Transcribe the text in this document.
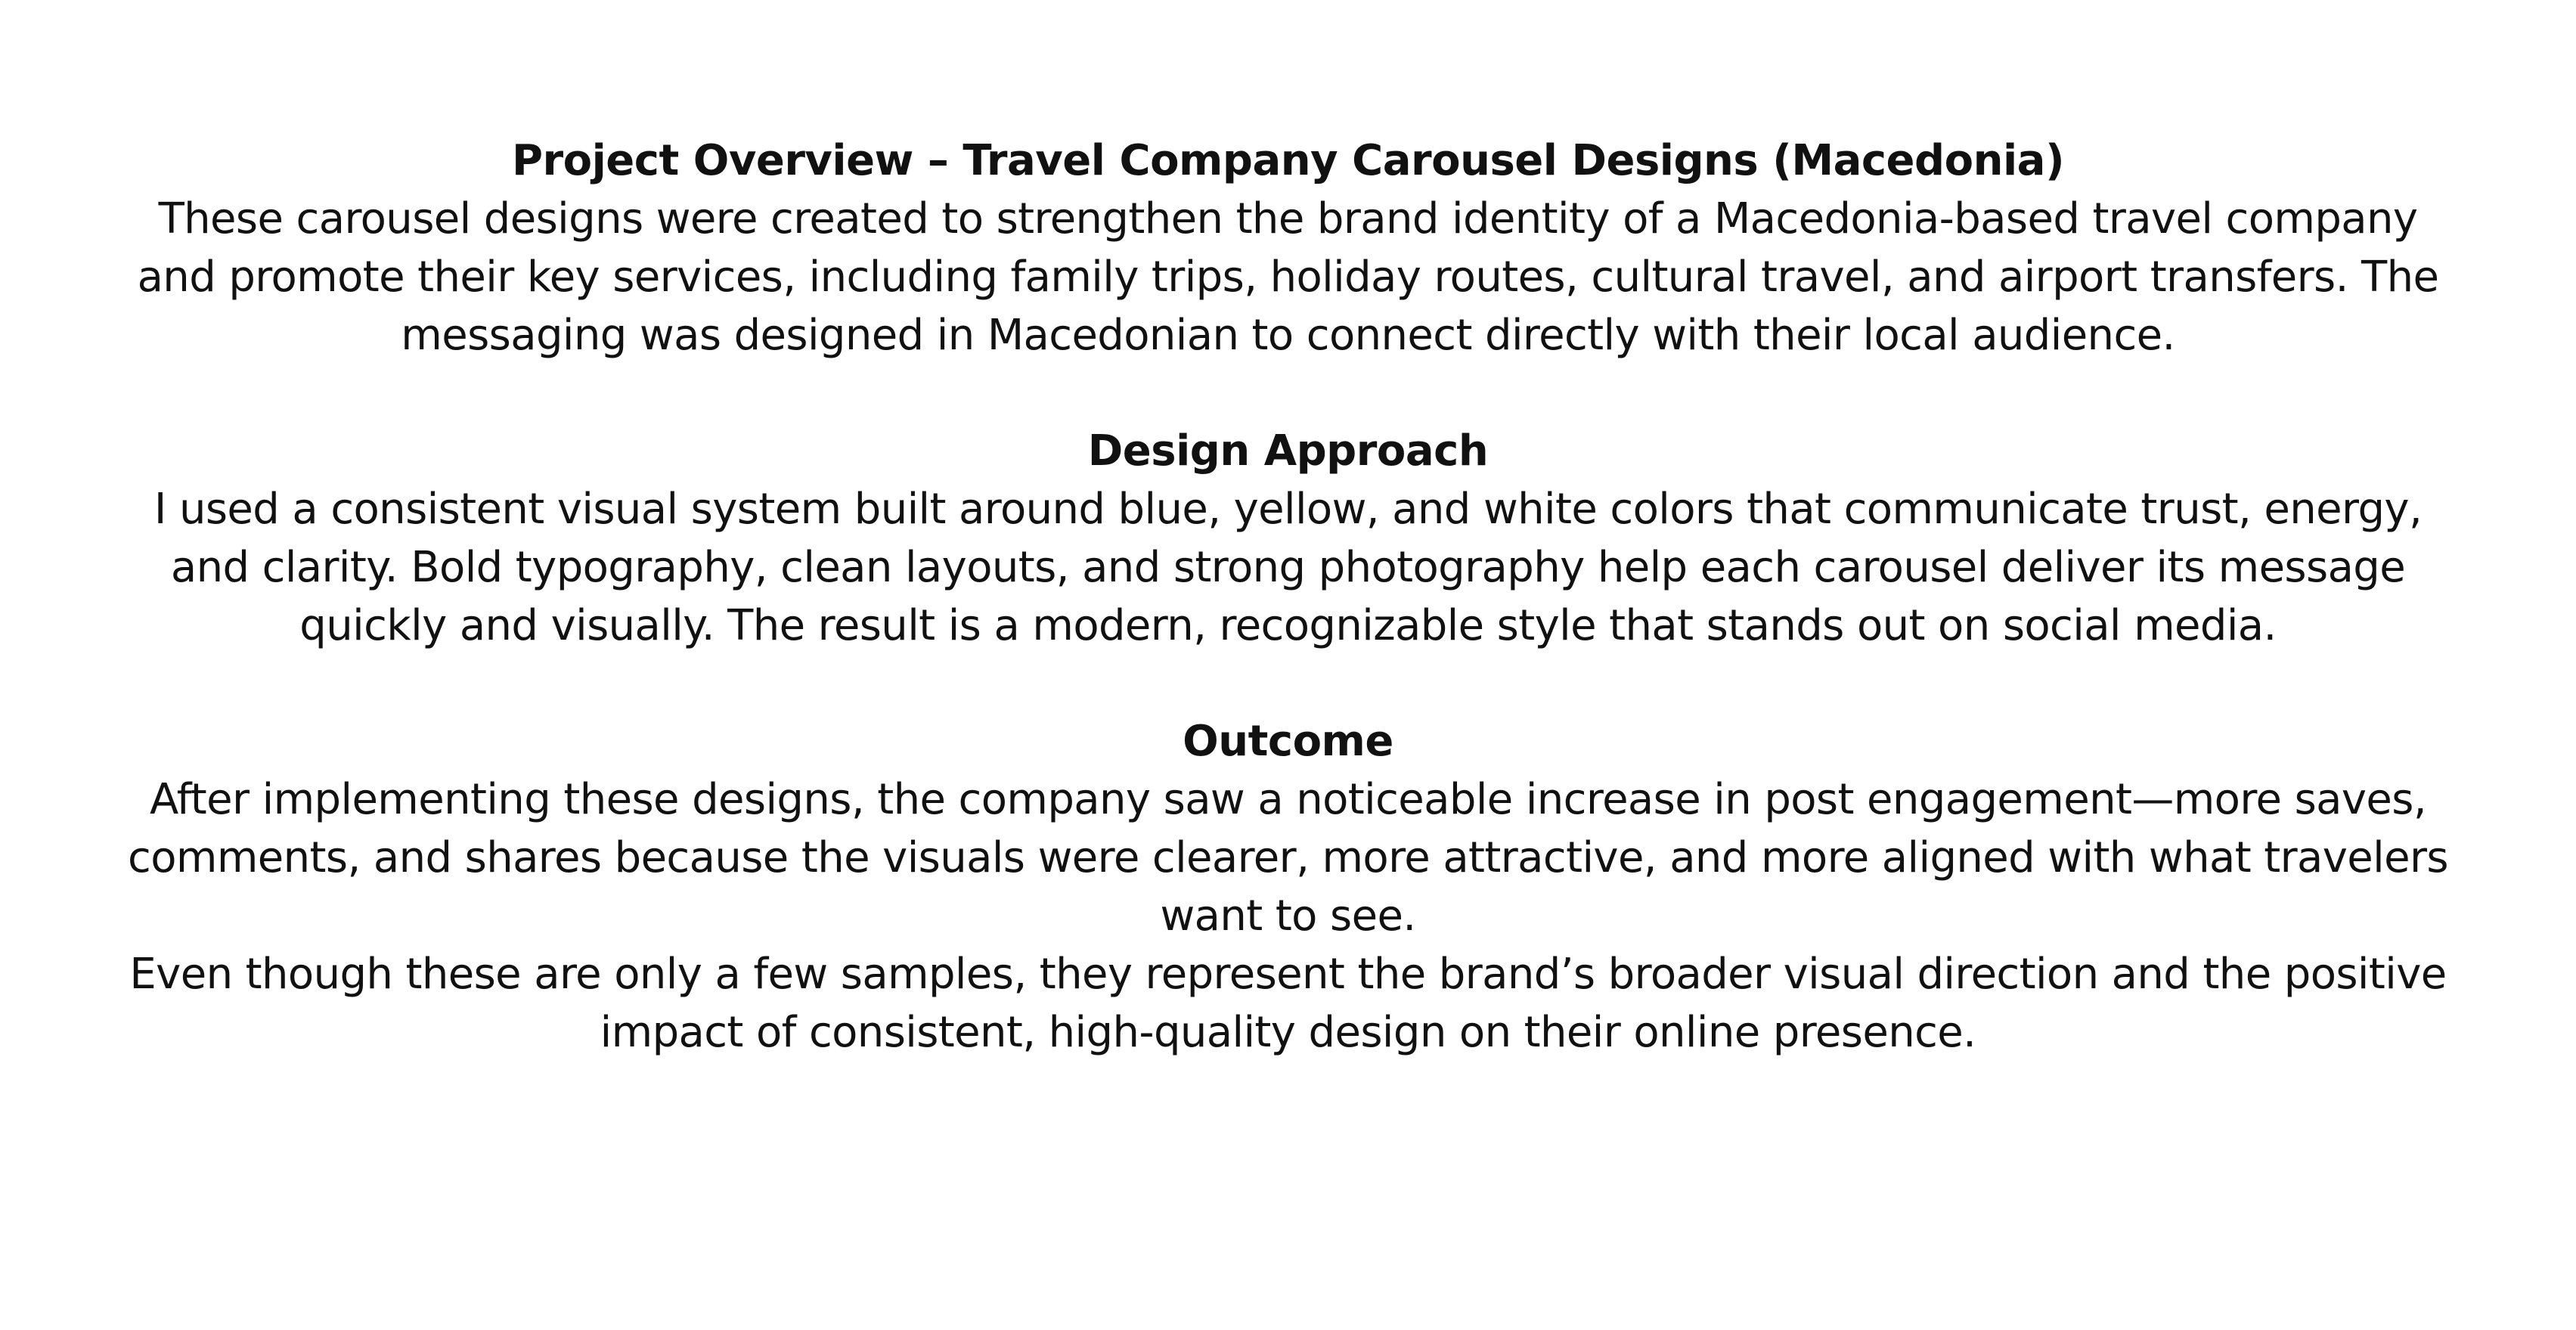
Project Overview – Travel Company Carousel Designs (Macedonia)

These carousel designs were created to strengthen the brand identity of a Macedonia-based travel company and promote their key services, including family trips, holiday routes, cultural travel, and airport transfers. The messaging was designed in Macedonian to connect directly with their local audience.

Design Approach

I used a consistent visual system built around blue, yellow, and white colors that communicate trust, energy, and clarity. Bold typography, clean layouts, and strong photography help each carousel deliver its message quickly and visually. The result is a modern, recognizable style that stands out on social media.

Outcome

After implementing these designs, the company saw a noticeable increase in post engagement—more saves, comments, and shares because the visuals were clearer, more attractive, and more aligned with what travelers want to see.

Even though these are only a few samples, they represent the brand’s broader visual direction and the positive impact of consistent, high-quality design on their online presence.
